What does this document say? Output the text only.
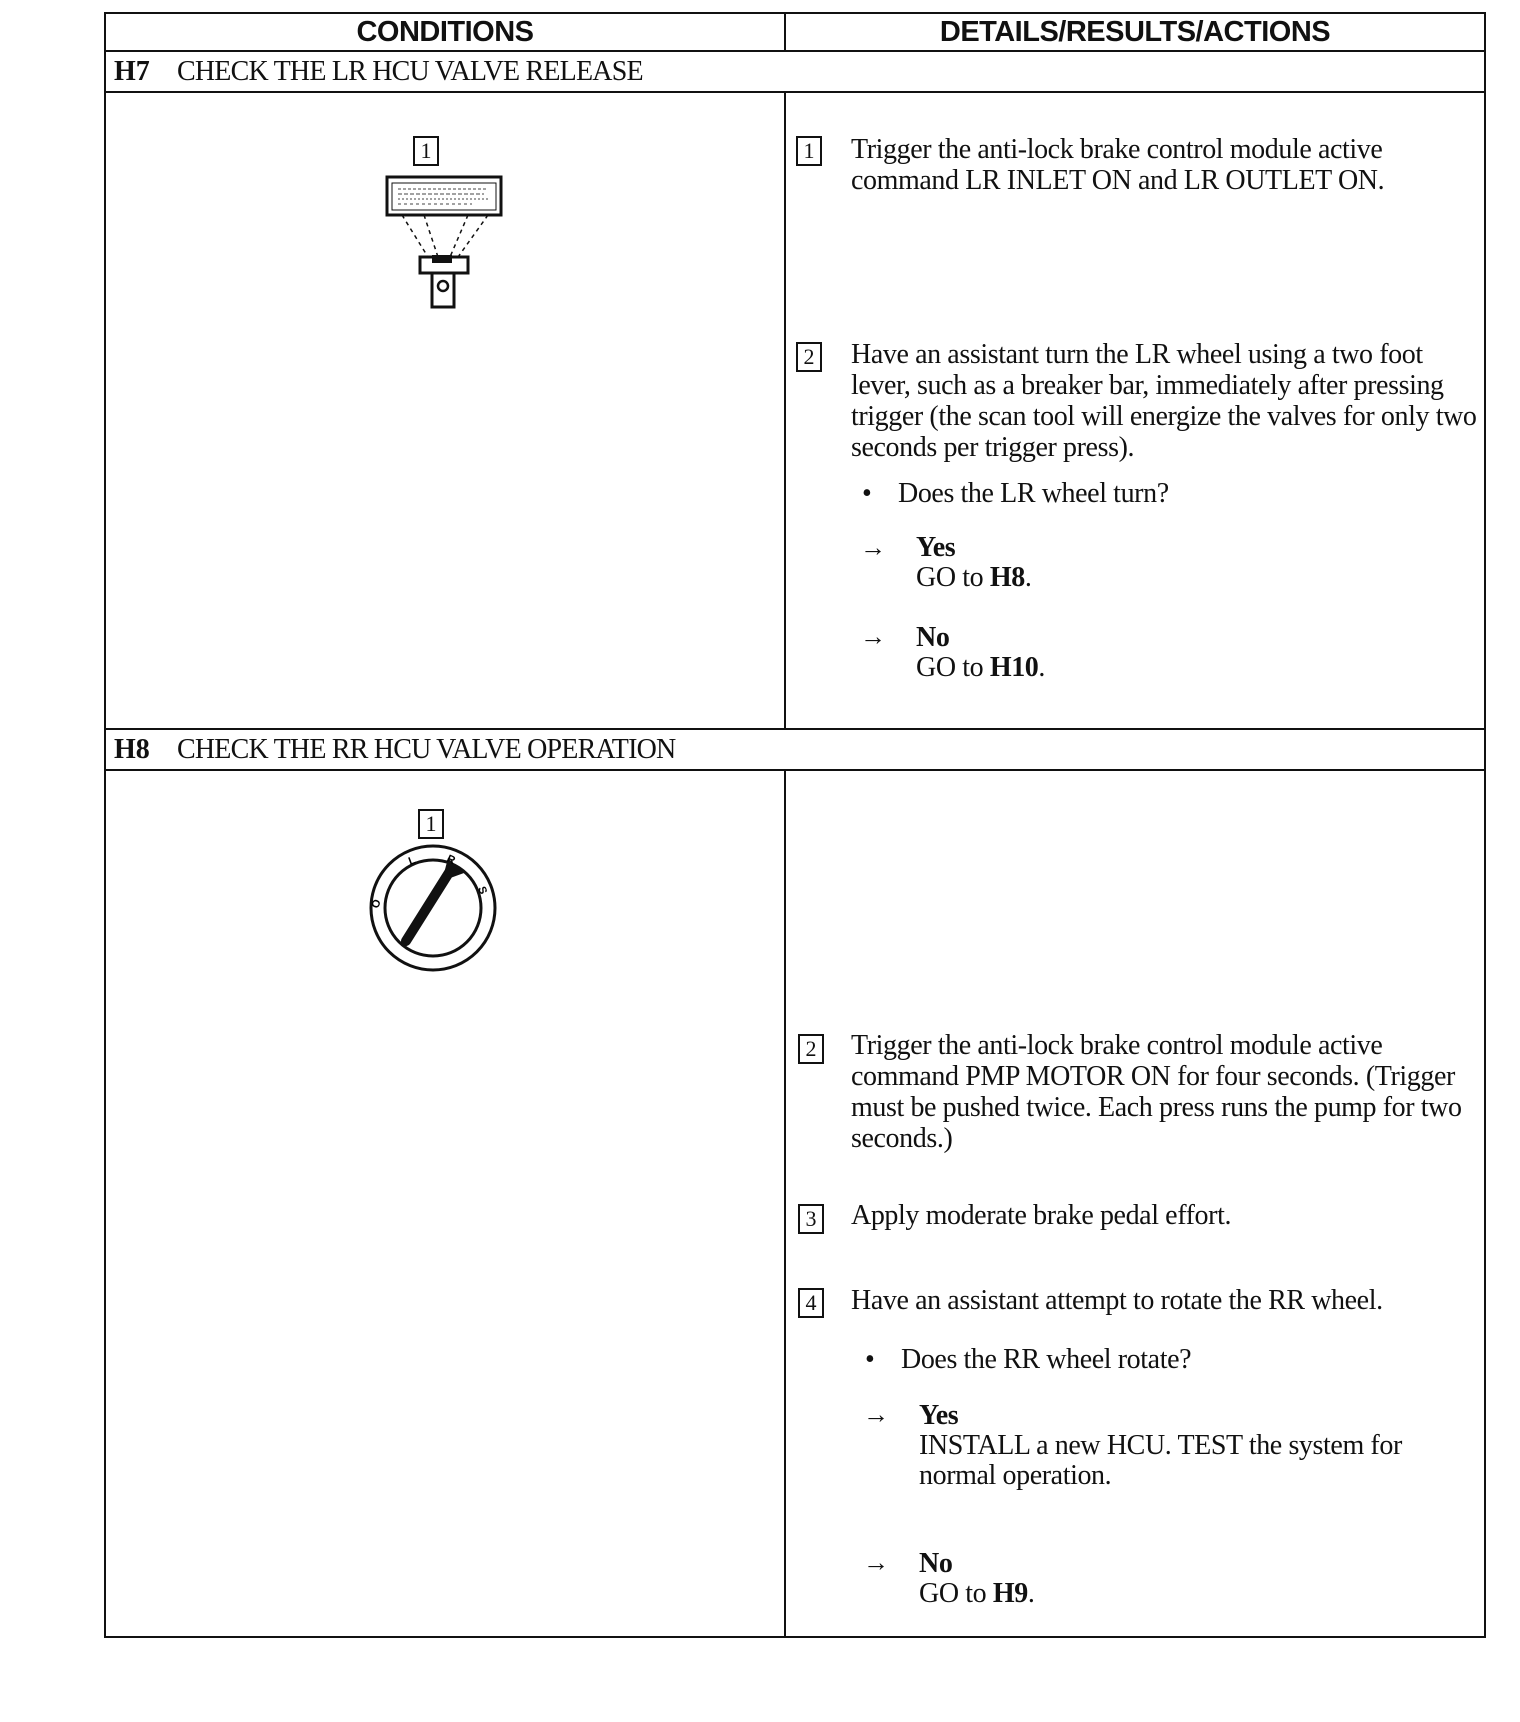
CONDITIONS	DETAILS/RESULTS/ACTIONS
H7 CHECK THE LR HCU VALVE RELEASE
1	1 Trigger the anti-lock brake control module active command LR INLET ON and LR OUTLET ON.
2 Have an assistant turn the LR wheel using a two foot lever, such as a breaker bar, immediately after pressing trigger (the scan tool will energize the valves for only two seconds per trigger press).
• Does the LR wheel turn?
→ Yes
GO to H8.
→ No
GO to H10.
H8 CHECK THE RR HCU VALVE OPERATION
1
O
L R
S
2 Trigger the anti-lock brake control module active command PMP MOTOR ON for four seconds. (Trigger must be pushed twice. Each press runs the pump for two seconds.)
3 Apply moderate brake pedal effort.
4 Have an assistant attempt to rotate the RR wheel.
• Does the RR wheel rotate?
→ Yes
INSTALL a new HCU. TEST the system for normal operation.
→ No
GO to H9.
